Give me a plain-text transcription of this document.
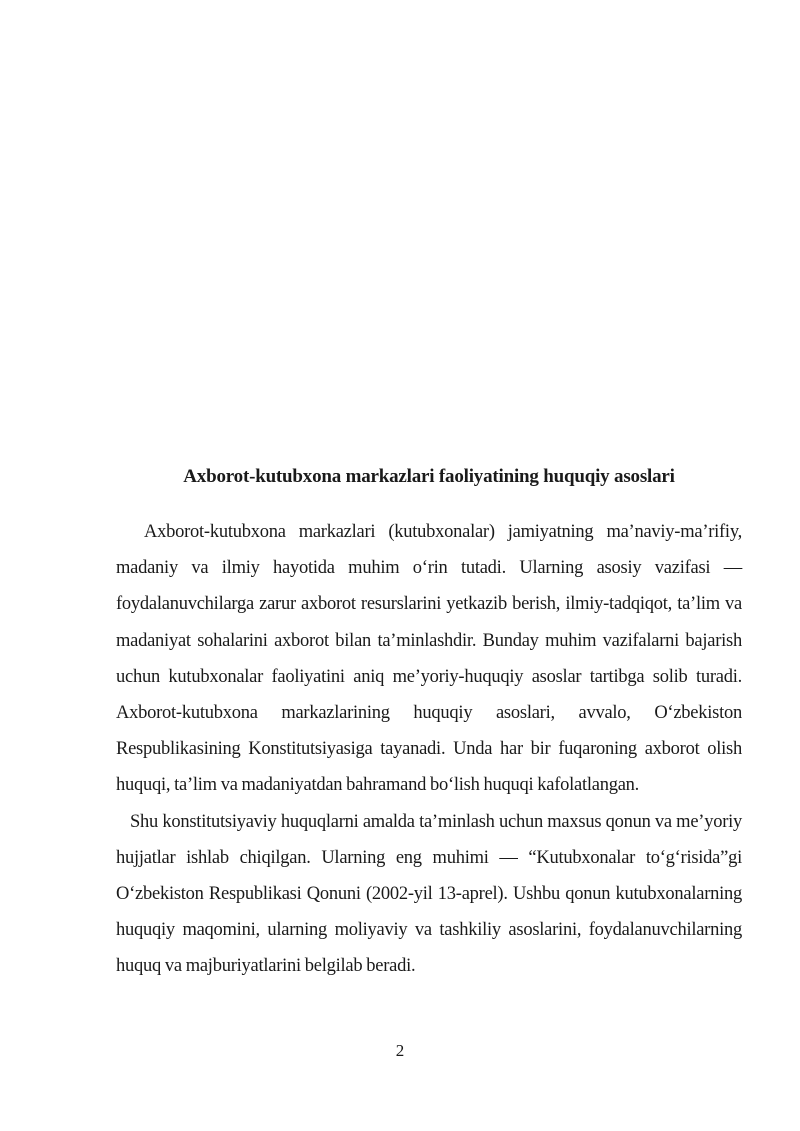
Axborot-kutubxona markazlari faoliyatining huquqiy asoslari

Axborot-kutubxona markazlari (kutubxonalar) jamiyatning ma’naviy-ma’rifiy, madaniy va ilmiy hayotida muhim o‘rin tutadi. Ularning asosiy vazifasi — foydalanuvchilarga zarur axborot resurslarini yetkazib berish, ilmiy-tadqiqot, ta’lim va madaniyat sohalarini axborot bilan ta’minlashdir. Bunday muhim vazifalarni bajarish uchun kutubxonalar faoliyatini aniq me’yoriy-huquqiy asoslar tartibga solib turadi. Axborot-kutubxona markazlarining huquqiy asoslari, avvalo, O‘zbekiston Respublikasining Konstitutsiyasiga tayanadi. Unda har bir fuqaroning axborot olish huquqi, ta’lim va madaniyatdan bahramand bo‘lish huquqi kafolatlangan.

Shu konstitutsiyaviy huquqlarni amalda ta’minlash uchun maxsus qonun va me’yoriy hujjatlar ishlab chiqilgan. Ularning eng muhimi — “Kutubxonalar to‘g‘risida”gi O‘zbekiston Respublikasi Qonuni (2002-yil 13-aprel). Ushbu qonun kutubxonalarning huquqiy maqomini, ularning moliyaviy va tashkiliy asoslarini, foydalanuvchilarning huquq va majburiyatlarini belgilab beradi.

2
